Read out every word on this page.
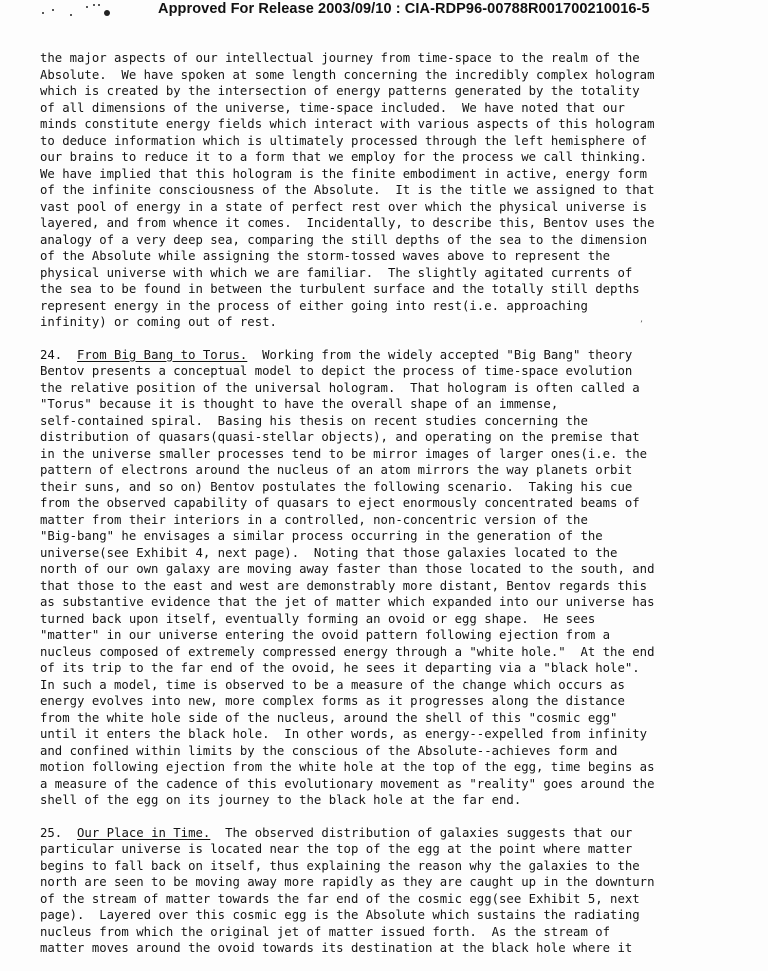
Approved For Release 2003/09/10 : CIA-RDP96-00788R001700210016-5
the major aspects of our intellectual journey from time-space to the realm of the
Absolute.  We have spoken at some length concerning the incredibly complex hologram
which is created by the intersection of energy patterns generated by the totality
of all dimensions of the universe, time-space included.  We have noted that our
minds constitute energy fields which interact with various aspects of this hologram
to deduce information which is ultimately processed through the left hemisphere of
our brains to reduce it to a form that we employ for the process we call thinking.
We have implied that this hologram is the finite embodiment in active, energy form
of the infinite consciousness of the Absolute.  It is the title we assigned to that
vast pool of energy in a state of perfect rest over which the physical universe is
layered, and from whence it comes.  Incidentally, to describe this, Bentov uses the
analogy of a very deep sea, comparing the still depths of the sea to the dimension
of the Absolute while assigning the storm-tossed waves above to represent the
physical universe with which we are familiar.  The slightly agitated currents of
the sea to be found in between the turbulent surface and the totally still depths
represent energy in the process of either going into rest(i.e. approaching
infinity) or coming out of rest.
24. From Big Bang to Torus.  Working from the widely accepted "Big Bang" theory
Bentov presents a conceptual model to depict the process of time-space evolution
the relative position of the universal hologram.  That hologram is often called a
"Torus" because it is thought to have the overall shape of an immense,
self-contained spiral.  Basing his thesis on recent studies concerning the
distribution of quasars(quasi-stellar objects), and operating on the premise that
in the universe smaller processes tend to be mirror images of larger ones(i.e. the
pattern of electrons around the nucleus of an atom mirrors the way planets orbit
their suns, and so on) Bentov postulates the following scenario.  Taking his cue
from the observed capability of quasars to eject enormously concentrated beams of
matter from their interiors in a controlled, non-concentric version of the
"Big-bang" he envisages a similar process occurring in the generation of the
universe(see Exhibit 4, next page).  Noting that those galaxies located to the
north of our own galaxy are moving away faster than those located to the south, and
that those to the east and west are demonstrably more distant, Bentov regards this
as substantive evidence that the jet of matter which expanded into our universe has
turned back upon itself, eventually forming an ovoid or egg shape.  He sees
"matter" in our universe entering the ovoid pattern following ejection from a
nucleus composed of extremely compressed energy through a "white hole."  At the end
of its trip to the far end of the ovoid, he sees it departing via a "black hole".
In such a model, time is observed to be a measure of the change which occurs as
energy evolves into new, more complex forms as it progresses along the distance
from the white hole side of the nucleus, around the shell of this "cosmic egg"
until it enters the black hole.  In other words, as energy--expelled from infinity
and confined within limits by the conscious of the Absolute--achieves form and
motion following ejection from the white hole at the top of the egg, time begins as
a measure of the cadence of this evolutionary movement as "reality" goes around the
shell of the egg on its journey to the black hole at the far end.
25. Our Place in Time.  The observed distribution of galaxies suggests that our
particular universe is located near the top of the egg at the point where matter
begins to fall back on itself, thus explaining the reason why the galaxies to the
north are seen to be moving away more rapidly as they are caught up in the downturn
of the stream of matter towards the far end of the cosmic egg(see Exhibit 5, next
page).  Layered over this cosmic egg is the Absolute which sustains the radiating
nucleus from which the original jet of matter issued forth.  As the stream of
matter moves around the ovoid towards its destination at the black hole where it
’
